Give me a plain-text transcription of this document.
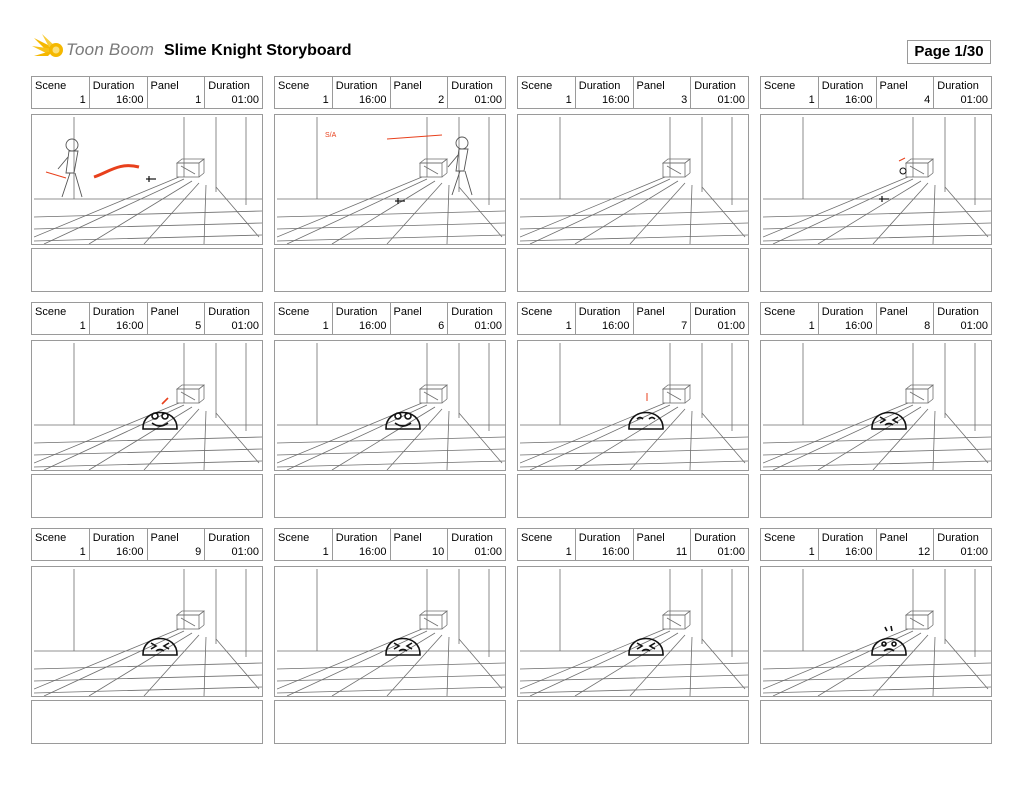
Toon Boom Slime Knight Storyboard	Page 1/30
Scene
1
Duration
16:00
Panel
1
Duration
01:00
Scene
1
Duration
16:00
Panel
2
Duration
01:00
S/A
Scene
1
Duration
16:00
Panel
3
Duration
01:00
Scene
1
Duration
16:00
Panel
4
Duration
01:00
Scene
1
Duration
16:00
Panel
5
Duration
01:00
Scene
1
Duration
16:00
Panel
6
Duration
01:00
Scene
1
Duration
16:00
Panel
7
Duration
01:00
Scene
1
Duration
16:00
Panel
8
Duration
01:00
Scene
1
Duration
16:00
Panel
9
Duration
01:00
Scene
1
Duration
16:00
Panel
10
Duration
01:00
Scene
1
Duration
16:00
Panel
11
Duration
01:00
Scene
1
Duration
16:00
Panel
12
Duration
01:00
